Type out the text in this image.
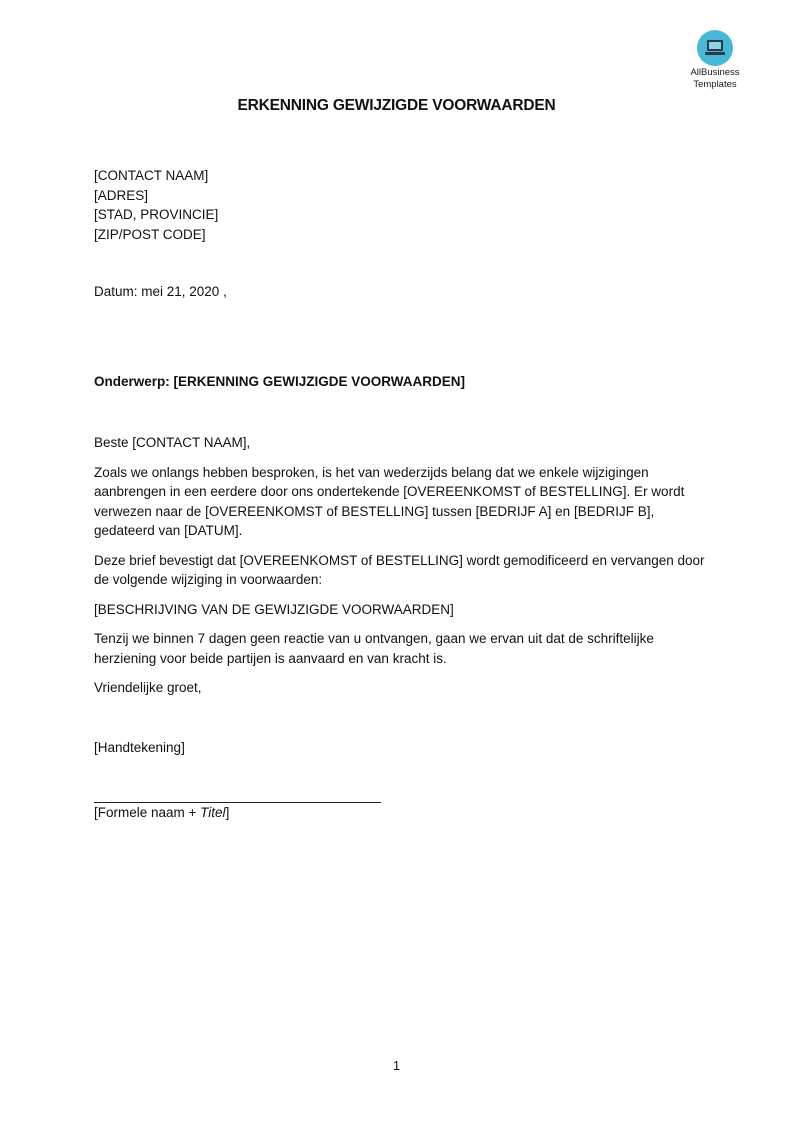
AllBusiness
Templates
ERKENNING GEWIJZIGDE VOORWAARDEN
[CONTACT NAAM]
[ADRES]
[STAD, PROVINCIE]
[ZIP/POST CODE]
Datum: mei 21, 2020 ,
Onderwerp: [ERKENNING GEWIJZIGDE VOORWAARDEN]

Beste [CONTACT NAAM],

Zoals we onlangs hebben besproken, is het van wederzijds belang dat we enkele wijzigingen aanbrengen in een eerdere door ons ondertekende [OVEREENKOMST of BESTELLING]. Er wordt verwezen naar de [OVEREENKOMST of BESTELLING] tussen [BEDRIJF A] en [BEDRIJF B], gedateerd van [DATUM].

Deze brief bevestigt dat [OVEREENKOMST of BESTELLING] wordt gemodificeerd en vervangen door de volgende wijziging in voorwaarden:

[BESCHRIJVING VAN DE GEWIJZIGDE VOORWAARDEN]

Tenzij we binnen 7 dagen geen reactie van u ontvangen, gaan we ervan uit dat de schriftelijke herziening voor beide partijen is aanvaard en van kracht is.

Vriendelijke groet,

[Handtekening]
[Formele naam + Titel]
1
